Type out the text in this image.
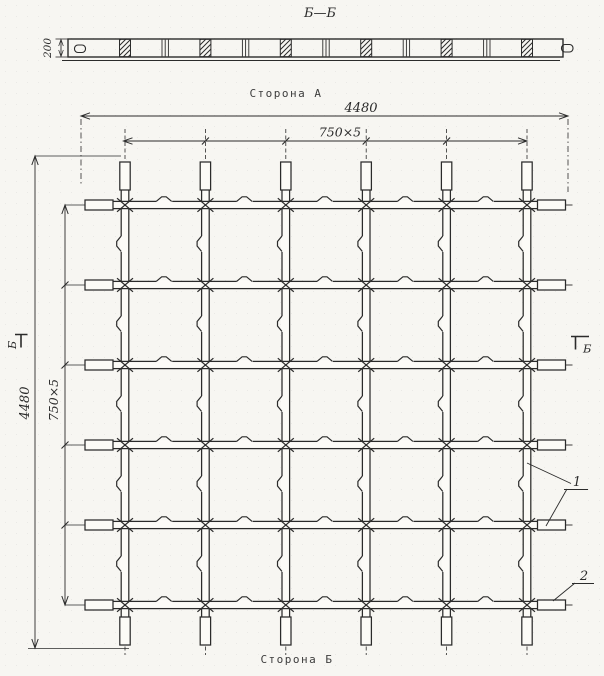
Б—Б
200
Сторона А
4480
750×5
4480 750×5
Б	Б
1
2
Сторона Б
